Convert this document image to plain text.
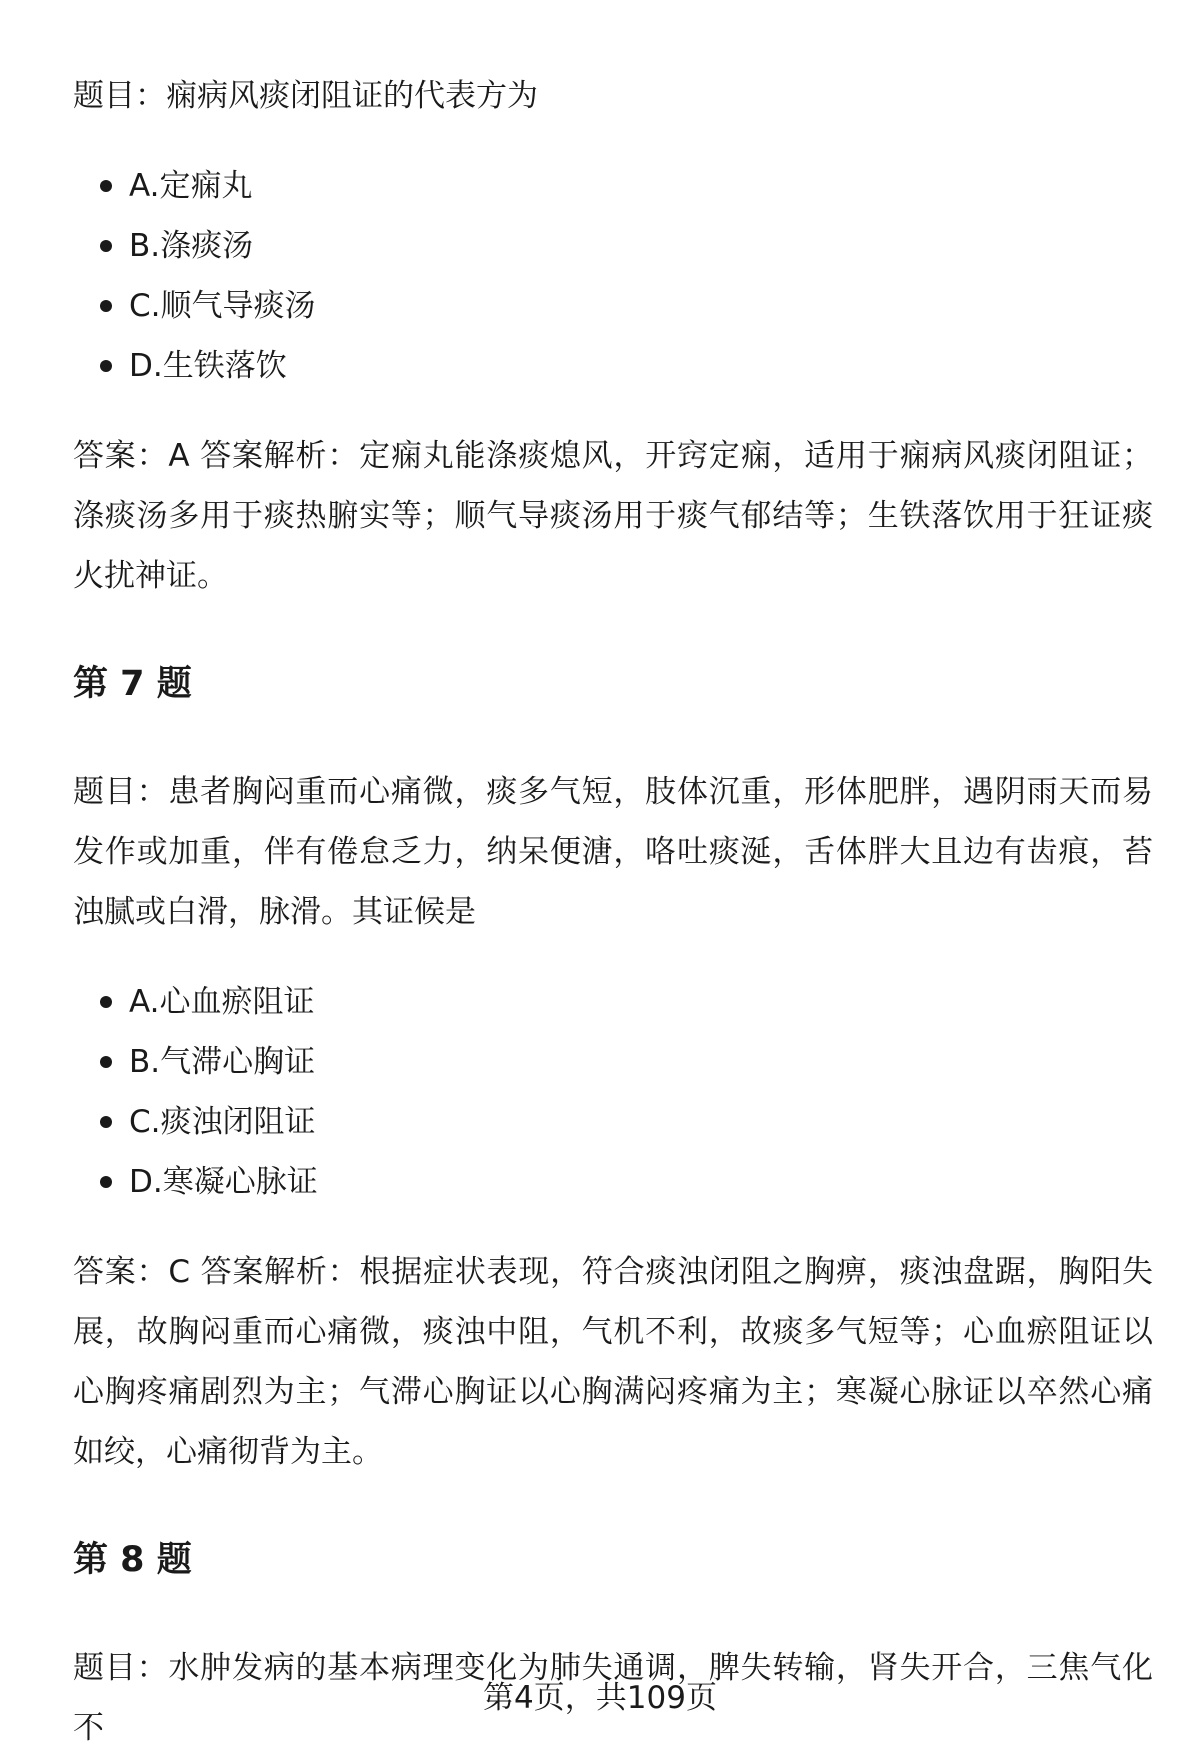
题目：痫病风痰闭阻证的代表方为

A.定痫丸
B.涤痰汤
C.顺气导痰汤
D.生铁落饮

答案：A 答案解析：定痫丸能涤痰熄风，开窍定痫，适用于痫病风痰闭阻证；涤痰汤多用于痰热腑实等；顺气导痰汤用于痰气郁结等；生铁落饮用于狂证痰火扰神证。

第 7 题

题目：患者胸闷重而心痛微，痰多气短，肢体沉重，形体肥胖，遇阴雨天而易发作或加重，伴有倦怠乏力，纳呆便溏，咯吐痰涎，舌体胖大且边有齿痕，苔浊腻或白滑，脉滑。其证候是

A.心血瘀阻证
B.气滞心胸证
C.痰浊闭阻证
D.寒凝心脉证

答案：C 答案解析：根据症状表现，符合痰浊闭阻之胸痹，痰浊盘踞，胸阳失展，故胸闷重而心痛微，痰浊中阻，气机不利，故痰多气短等；心血瘀阻证以心胸疼痛剧烈为主；气滞心胸证以心胸满闷疼痛为主；寒凝心脉证以卒然心痛如绞，心痛彻背为主。

第 8 题

题目：水肿发病的基本病理变化为肺失通调，脾失转输，肾失开合，三焦气化不

第4页，共109页
